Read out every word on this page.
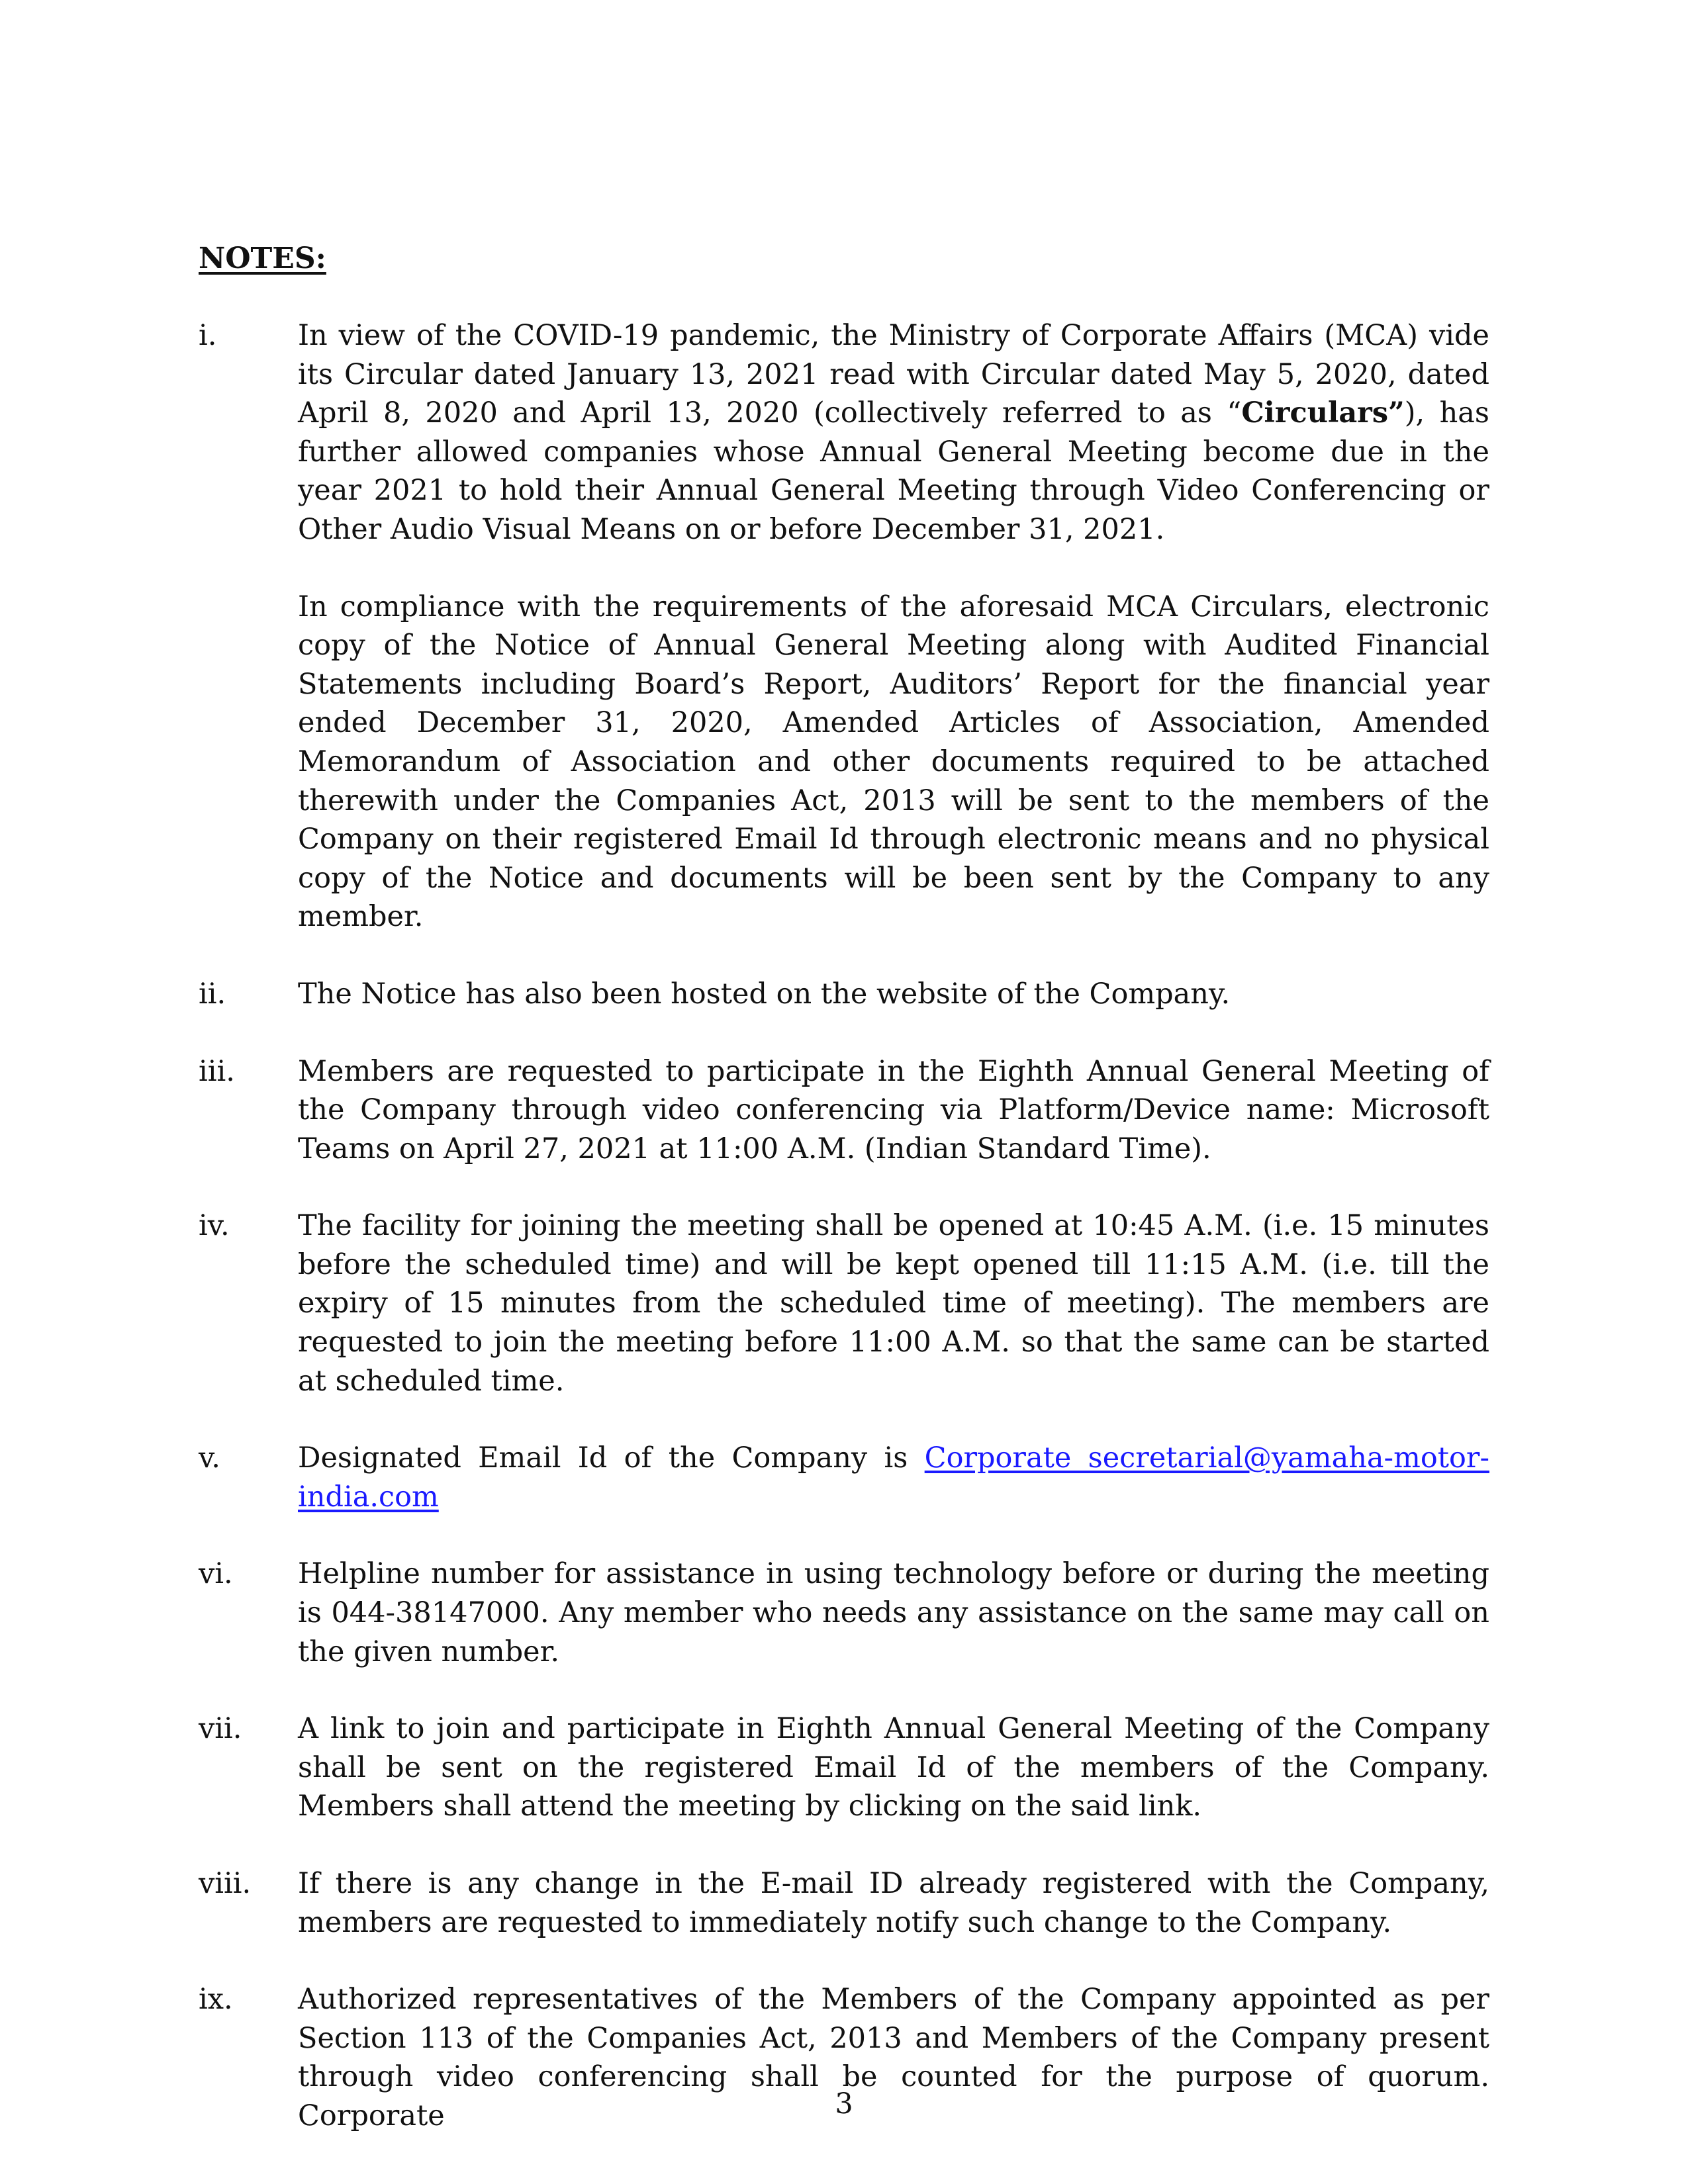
NOTES:
i.	In view of the COVID-19 pandemic, the Ministry of Corporate Affairs (MCA) vide its Circular dated January 13, 2021 read with Circular dated May 5, 2020, dated April 8, 2020 and April 13, 2020 (collectively referred to as “Circulars”), has further allowed companies whose Annual General Meeting become due in the year 2021 to hold their Annual General Meeting through Video Conferencing or Other Audio Visual Means on or before December 31, 2021.

In compliance with the requirements of the aforesaid MCA Circulars, electronic copy of the Notice of Annual General Meeting along with Audited Financial Statements including Board’s Report, Auditors’ Report for the financial year ended December 31, 2020, Amended Articles of Association, Amended Memorandum of Association and other documents required to be attached therewith under the Companies Act, 2013 will be sent to the members of the Company on their registered Email Id through electronic means and no physical copy of the Notice and documents will be been sent by the Company to any member.

ii.	The Notice has also been hosted on the website of the Company.

iii. Members are requested to participate in the Eighth Annual General Meeting of the Company through video conferencing via Platform/Device name: Microsoft Teams on April 27, 2021 at 11:00 A.M. (Indian Standard Time).

iv. The facility for joining the meeting shall be opened at 10:45 A.M. (i.e. 15 minutes before the scheduled time) and will be kept opened till 11:15 A.M. (i.e. till the expiry of 15 minutes from the scheduled time of meeting). The members are requested to join the meeting before 11:00 A.M. so that the same can be started at scheduled time.

v.	Designated Email Id of the Company is Corporate secretarial@yamaha-motor-india.com

vi. Helpline number for assistance in using technology before or during the meeting is 044-38147000. Any member who needs any assistance on the same may call on the given number.

vii. A link to join and participate in Eighth Annual General Meeting of the Company shall be sent on the registered Email Id of the members of the Company. Members shall attend the meeting by clicking on the said link.

viii. If there is any change in the E-mail ID already registered with the Company, members are requested to immediately notify such change to the Company.

ix. Authorized representatives of the Members of the Company appointed as per Section 113 of the Companies Act, 2013 and Members of the Company present through video conferencing shall be counted for the purpose of quorum. Corporate	3
